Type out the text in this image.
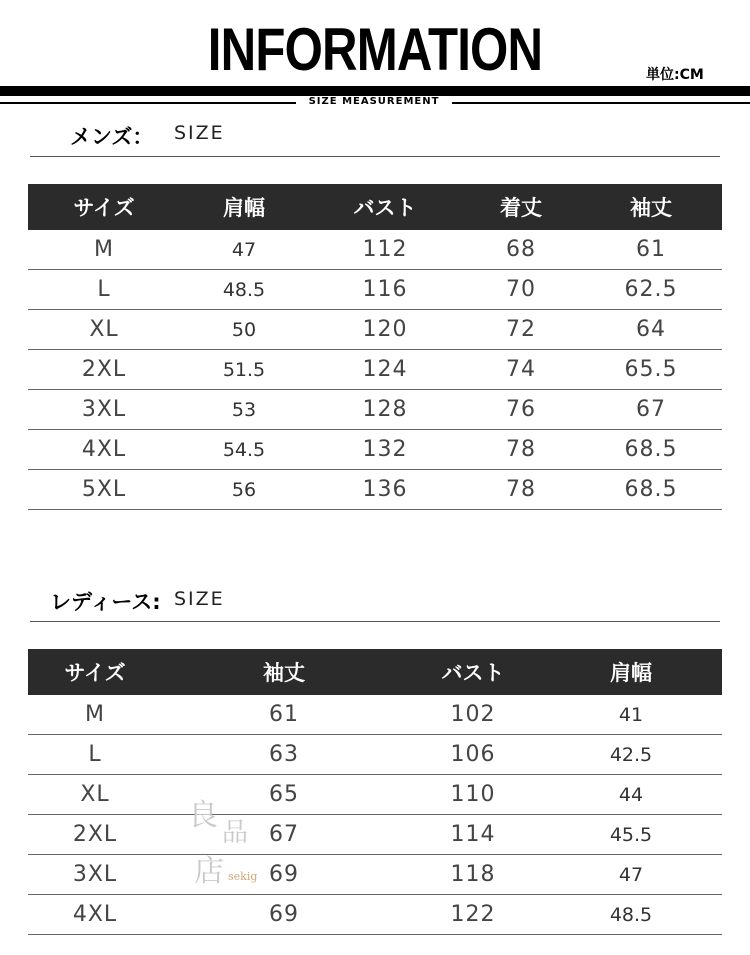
INFORMATION	単位:CM
SIZE MEASUREMENT
メンズ： SIZE
サイズ	肩幅	バスト	着丈	袖丈
M	47	112	68	61
L	48.5	116	70	62.5
XL	50	120	72	64
2XL	51.5	124	74	65.5
3XL	53	128	76	67
4XL	54.5	132	78	68.5
5XL	56	136	78	68.5
レディース: SIZE
サイズ	袖丈	バスト	肩幅
M	61	102	41
L	63	106	42.5
XL	65	110	44
2XL	67	114	45.5
3XL	69	118	47
4XL	69	122	48.5
良 品
店 sekig
